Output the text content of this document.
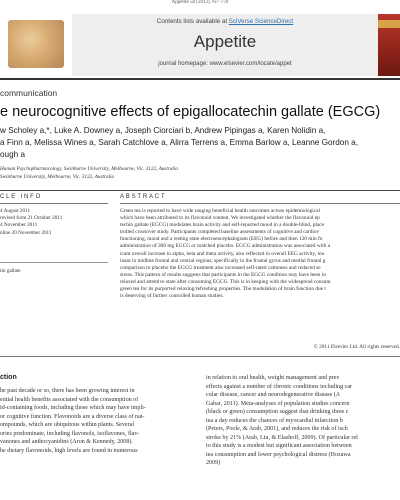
Appetite 58 (2012) 767–770
Contents lists available at SciVerse ScienceDirect
Appetite
journal homepage: www.elsevier.com/locate/appet
communication
e neurocognitive effects of epigallocatechin gallate (EGCG)
w Scholey a,*, Luke A. Downey a, Joseph Ciorciari b, Andrew Pipingas a, Karen Nolidin a,
a Finn a, Melissa Wines a, Sarah Catchlove a, Alirra Terrens a, Emma Barlow a, Leanne Gordon a,
ough a
Human Psychopharmacology, Swinburne University, Melbourne, Vic. 3122, Australia
Swinburne University, Melbourne, Vic. 3122, Australia
CLE INFO	ABSTRACT
4 August 2011
revised form 21 October 2011
4 November 2011
nline 20 November 2011
tin gallate

Green tea is reported to have wide ranging beneficial health outcomes across epidemiological

which have been attributed to its flavonoid content. We investigated whether the flavonoid ep

techin gallate (EGCG) modulates brain activity and self-reported mood in a double-blind, place

trolled crossover study. Participants completed baseline assessments of cognitive and cardiov

functioning, mood and a resting state electroencephalogram (EEG) before and then 120 min fo

administration of 300 mg EGCG or matched placebo. EGCG administration was associated with a

icant overall increase in alpha, beta and theta activity, also reflected in overall EEG activity, mo

inant in midline frontal and central regions, specifically in the frontal gyrus and medial frontal g

comparison to placebo the EGCG treatment also increased self-rated calmness and reduced se

stress. This pattern of results suggests that participants in the EGCG condition may have been in

relaxed and attentive state after consuming EGCG. This is in keeping with the widespread consum

green tea for its purported relaxing/refreshing properties. The modulation of brain function due t

is deserving of further controlled human studies.

© 2011 Elsevier Ltd. All rights reserved.
ction
he past decade or so, there has been growing interest in
ential health benefits associated with the consumption of
id-containing foods, including those which may have impli-
or cognitive function. Flavonoids are a diverse class of nat-
ompounds, which are ubiquitous within plants. Several
ories predominate, including flavonols, isoflavones, flav-
vanones and anthocyanidins (Aron & Kennedy, 2008).
he dietary flavonoids, high levels are found in numerous
in relation to oral health, weight management and prev
effects against a number of chronic conditions including car
cular disease, cancer and neurodegenerative disease (A
Gabar, 2011). Meta-analyses of population studies concern
(black or green) consumption suggest that drinking three c
tea a day reduces the chances of myocardial infarction b
(Peters, Poole, & Arab, 2001), and reduces the risk of isch
stroke by 21% (Arab, Liu, & Elashoff, 2009). Of particular rel
to this study is a modest but significant association between
tea consumption and lower psychological distress (Hozawa
2009)
